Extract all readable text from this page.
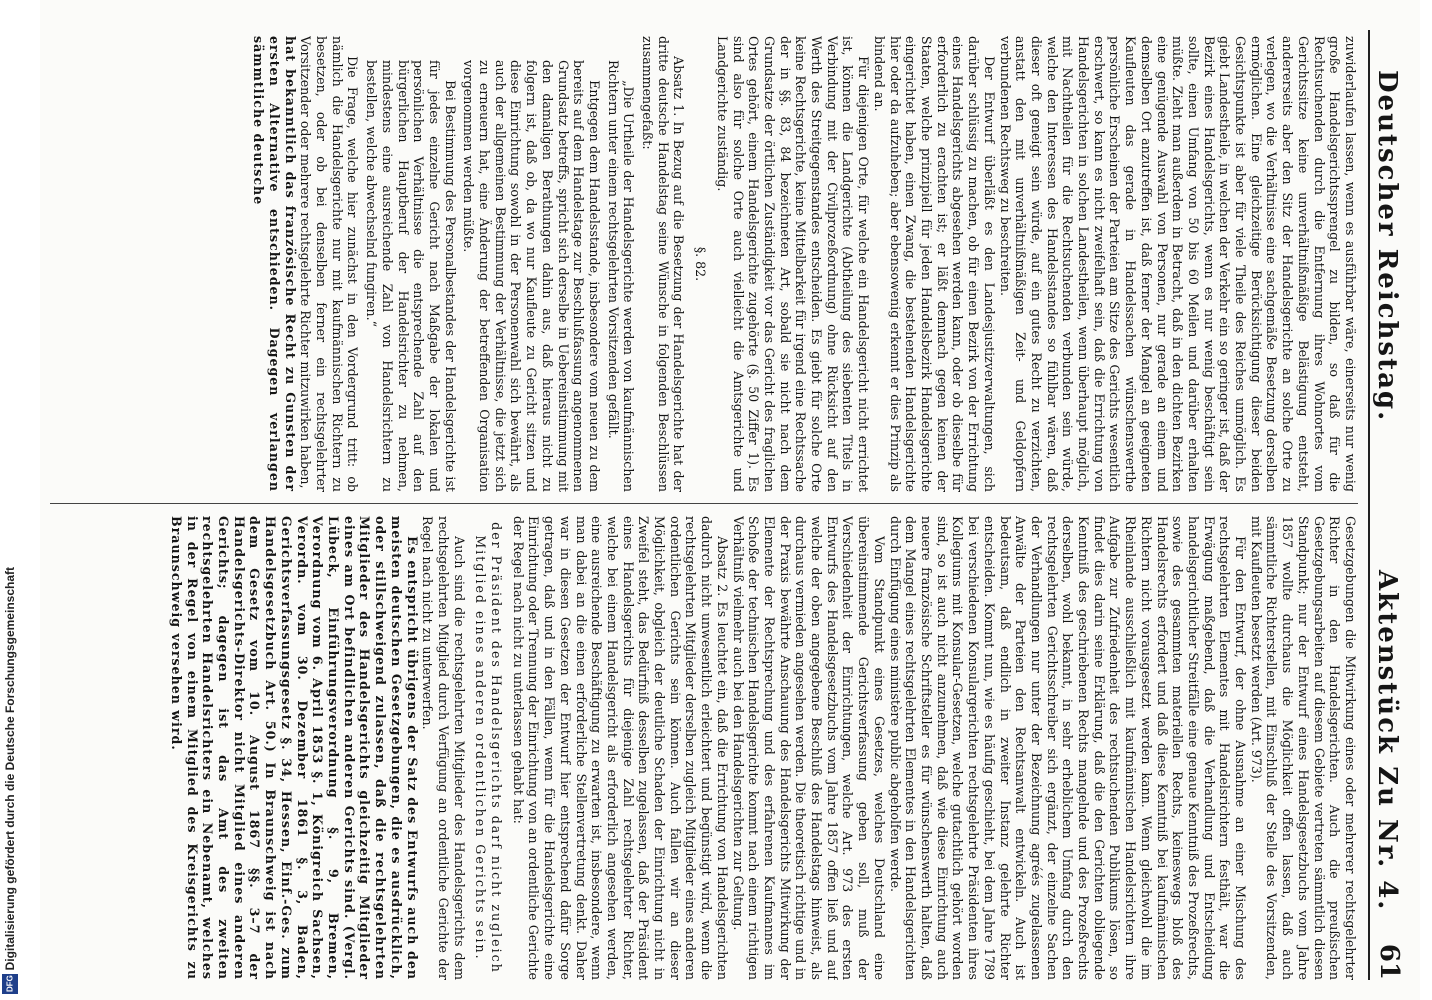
Digitalisierung gefördert durch die Deutsche Forschungsgemeinschaft
DFG
Deutscher Reichstag.
Aktenstück Zu Nr. 4.
61

zuwiderlaufen lassen, wenn es ausführbar wäre, einerseits nur wenig große Handelsgerichtssprengel zu bilden, so daß für die Rechtsuchenden durch die Entfernung ihres Wohnortes vom Gerichtssitze keine unverhältnißmäßige Belästigung entsteht, andererseits aber den Sitz der Handelsgerichte an solche Orte zu verlegen, wo die Verhältnisse eine sachgemäße Besetzung derselben ermöglichen. Eine gleichzeitige Berücksichtigung dieser beiden Gesichtspunkte ist aber für viele Theile des Reiches unmöglich. Es giebt Landestheile, in welchen der Verkehr ein so geringer ist, daß der Bezirk eines Handelsgerichts, wenn es nur wenig beschäftigt sein sollte, einen Umfang von 50 bis 60 Meilen und darüber erhalten müßte. Zieht man außerdem in Betracht, daß in den dichten Bezirken eine genügende Auswahl von Personen, nur gerade an einem und demselben Ort anzutreffen ist, daß ferner der Mangel an geeigneten Kaufleuten das gerade in Handelssachen wünschenswerthe persönliche Erscheinen der Parteien am Sitze des Gerichts wesentlich erschwert, so kann es nicht zweifelhaft sein, daß die Errichtung von Handelsgerichten in solchen Landestheilen, wenn überhaupt möglich, mit Nachtheilen für die Rechtsuchenden verbunden sein würde, welche den Interessen des Handelsstandes so fühlbar wären, daß dieser oft geneigt sein würde, auf ein gutes Recht zu verzichten, anstatt den mit unverhältnißmäßigen Zeit- und Geldopfern verbundenen Rechtsweg zu beschreiten.

Der Entwurf überläßt es den Landesjustizverwaltungen, sich darüber schlüssig zu machen, ob für einen Bezirk von der Errichtung eines Handelsgerichts abgesehen werden kann, oder ob dieselbe für erforderlich zu erachten ist; er läßt demnach gegen keinen der Staaten, welche prinzipiell für jeden Handelsbezirk Handelsgerichte eingerichtet haben, einen Zwang, die bestehenden Handelsgerichte hier oder da aufzuheben; aber ebensowenig erkennt er dies Prinzip als bindend an.

Für diejenigen Orte, für welche ein Handelsgericht nicht errichtet ist, können die Landgerichte (Abtheilung des siebenten Titels in Verbindung mit der Civilprozeßordnung) ohne Rücksicht auf den Werth des Streitgegenstandes entscheiden. Es giebt für solche Orte keine Rechtsgerichte, keine Mittelbarkeit für irgend eine Rechtssache der in §§. 83, 84 bezeichneten Art, sobald sie nicht nach dem Grundsatze der örtlichen Zuständigkeit vor das Gericht des fraglichen Ortes gehört, einem Handelsgerichte zugehörte (§. 50 Ziffer 1). Es sind also für solche Orte auch vielleicht die Amtsgerichte und Landgerichte zuständig.

§. 82.

Absatz 1. In Bezug auf die Besetzung der Handelsgerichte hat der dritte deutsche Handelstag seine Wünsche in folgenden Beschlüssen zusammengefaßt:

„Die Urtheile der Handelsgerichte werden von kaufmännischen Richtern unter einem rechtsgelehrten Vorsitzenden gefällt.

Entgegen dem Handelsstande, insbesondere vom neuen zu dem bereits auf dem Handelstage zur Beschlußfassung angenommenen Grundsatz betreffs, spricht sich derselbe in Uebereinstimmung mit den damaligen Berathungen dahin aus, daß hieraus nicht zu folgern ist, daß ob, da wo nur Kaufleute zu Gericht sitzen und diese Einrichtung sowohl in der Personenwahl sich bewährt, als auch der allgemeinen Bestimmung der Verhältnisse, die jetzt sich zu erneuern hat, eine Änderung der betreffenden Organisation vorgenommen werden müßte.

Bei Bestimmung des Personalbestandes der Handelsgerichte ist für jedes einzelne Gericht nach Maßgabe der lokalen und persönlichen Verhältnisse die entsprechende Zahl auf den bürgerlichen Hauptberuf der Handelsrichter zu nehmen, mindestens eine ausreichende Zahl von Handelsrichtern zu bestellen, welche abwechselnd fungiren.“

Die Frage, welche hier zunächst in den Vordergrund tritt: ob nämlich die Handelsgerichte nur mit kaufmännischen Richtern zu besetzen, oder ob bei denselben ferner ein rechtsgelehrter Vorsitzender oder mehrere rechtsgelehrte Richter mitzuwirken haben,

hat bekanntlich das französische Recht zu Gunsten der ersten Alternative entschieden. Dagegen verlangen sämmtliche deutsche

Gesetzgebungen die Mitwirkung eines oder mehrerer rechtsgelehrter Richter in den Handelsgerichten. Auch die preußischen Gesetzgebungsarbeiten auf diesem Gebiete vertreten sämmtlich diesen Standpunkt; nur der Entwurf eines Handelsgesetzbuchs vom Jahre 1857 wollte durchaus die Möglichkeit offen lassen, daß auch sämmtliche Richterstellen, mit Einschluß der Stelle des Vorsitzenden, mit Kaufleuten besetzt werden (Art. 973).

Für den Entwurf, der ohne Ausnahme an einer Mischung des rechtsgelehrten Elementes mit Handelsrichtern festhält, war die Erwägung maßgebend, daß die Verhandlung und Entscheidung handelsgerichtlicher Streitfälle eine genaue Kenntniß des Prozeßrechts, sowie des gesammten materiellen Rechts, keineswegs bloß des Handelsrechts erfordert und daß diese Kenntniß bei kaufmännischen Richtern nicht vorausgesetzt werden kann. Wenn gleichwohl die im Rheinlande ausschließlich mit kaufmännischen Handelsrichtern ihre Aufgabe zur Zufriedenheit des rechtsuchenden Publikums lösen, so findet dies darin seine Erklärung, daß die den Gerichten obliegende Kenntniß des geschriebenen Rechts mangelnde und des Prozeßrechts derselben, wohl bekannt, in sehr erheblichem Umfang durch den rechtsgelehrten Gerichtsschreiber sich ergänzt, der einzelne Sachen der Verhandlungen nur unter der Bezeichnung agréés zugelassenen Anwälte der Parteien den Rechtsanwalt entwickeln. Auch ist bedeutsam, daß endlich in zweiter Instanz gelehrte Richter entscheiden. Kommt nun, wie es häufig geschieht, bei dem Jahre 1789 bei verschiedenen Konsulargerichten rechtsgelehrte Präsidenten ihres Kollegiums mit Konsular-Gesetzen, welche gutachtlich gehört worden sind, so ist auch nicht anzunehmen, daß wie diese Einrichtung auch neuere französische Schriftsteller es für wünschenswerth halten, daß dem Mangel eines rechtsgelehrten Elementes in den Handelsgerichten durch Einfügung eines ministère public abgeholfen werde.

Vom Standpunkt eines Gesetzes, welches Deutschland eine übereinstimmende Gerichtsverfassung geben soll, muß der Verschiedenheit der Einrichtungen, welche Art. 973 des ersten Entwurfs des Handelsgesetzbuchs vom Jahre 1857 offen ließ und auf welche der oben angegebene Beschluß des Handelstags hinweist, als durchaus vermieden angesehen werden. Die theoretisch richtige und in der Praxis bewährte Anschauung des Handelsgerichts Mitwirkung der Elemente der Rechtsprechung und des erfahrenen Kaufmannes im Schoße der technischen Handelsgerichte kommt nach einem richtigen Verhältniß vielmehr auch bei den Handelsgerichten zur Geltung.

Absatz 2. Es leuchtet ein, daß die Errichtung von Handelsgerichten dadurch nicht unwesentlich erleichtert und begünstigt wird, wenn die rechtsgelehrten Mitglieder derselben zugleich Mitglieder eines anderen ordentlichen Gerichts sein können. Auch fallen wir an dieser Möglichkeit, obgleich der deutliche Schaden der Einrichtung nicht in Zweifel steht, das Bedürfniß desselben zugelassen, daß der Präsident eines Handelsgerichts für diejenige Zahl rechtsgelehrter Richter, welche bei einem Handelsgericht als erforderlich angesehen werden, eine ausreichende Beschäftigung zu erwarten ist, insbesondere, wenn man dabei an die einen erforderliche Stellenvertretung denkt. Daher war in diesen Gesetzen der Entwurf hier entsprechend dafür Sorge getragen, daß und in den Fällen, wenn für die Handelsgerichte eine Einrichtung oder Trennung der Einrichtung von an ordentliche Gerichte der Regel nach nicht zu unterlassen gehabt hat:

der Präsident des Handelsgerichts darf nicht zugleich Mitglied eines anderen ordentlichen Gerichts sein.

Auch sind die rechtsgelehrten Mitglieder des Handelsgerichts dem rechtsgelehrten Mitglied durch Verfügung an ordentliche Gerichte der Regel nach nicht zu unterwerfen.

Es entspricht übrigens der Satz des Entwurfs auch den meisten deutschen Gesetzgebungen, die es ausdrücklich, oder stillschweigend zulassen, daß die rechtsgelehrten Mitglieder des Handelsgerichts gleichzeitig Mitglieder eines am Ort befindlichen anderen Gerichts sind. (Vergl. Lübeck, Einführungsverordnung §. 9, Bremen, Verordnung vom 6. April 1853 §. 1, Königreich Sachsen, Verordn. vom 30. Dezember 1861 §. 3, Baden, Gerichtsverfassungsgesetz §. 34, Hessen, Einf.-Ges. zum Handelsgesetzbuch Art. 50.) In Braunschweig ist nach dem Gesetz vom 10. August 1867 §§. 3–7 der Handelsgerichts-Direktor nicht Mitglied eines anderen Gerichts; dagegen ist das Amt des zweiten rechtsgelehrten Handelsrichters ein Nebenamt, welches in der Regel von einem Mitglied des Kreisgerichts zu Braunschweig versehen wird.
